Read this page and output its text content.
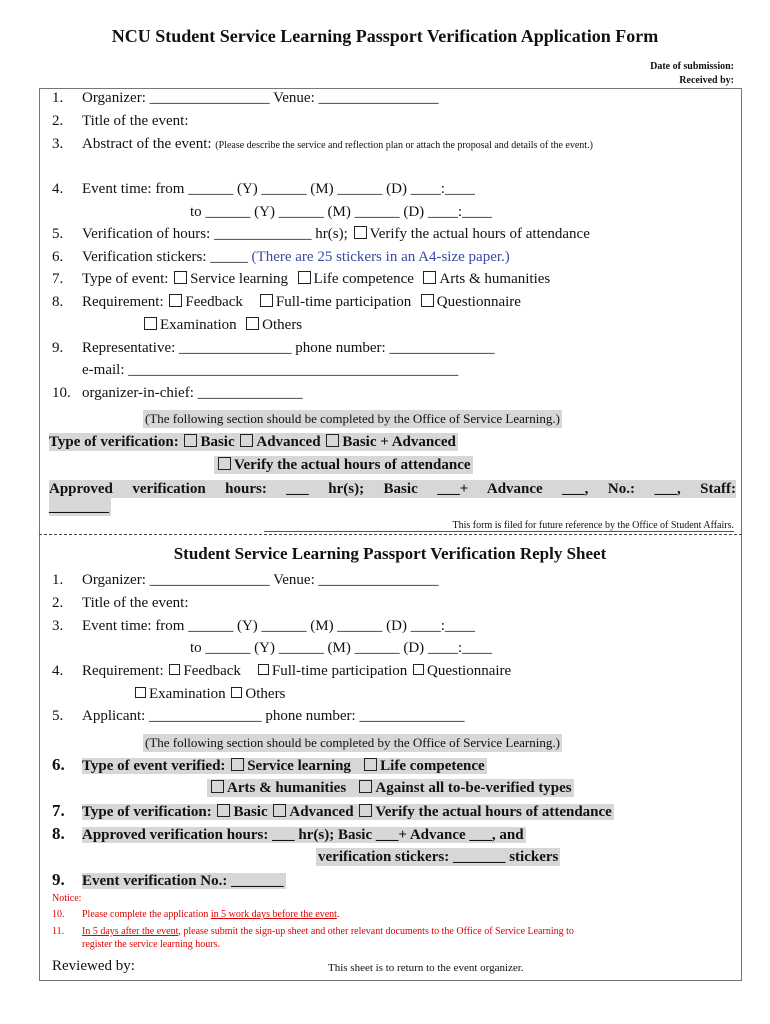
NCU Student Service Learning Passport Verification Application Form
Date of submission:
Received by:
1. Organizer: ________________ Venue: ________________
2. Title of the event:
3. Abstract of the event: (Please describe the service and reflection plan or attach the proposal and details of the event.)
4. Event time: from ______ (Y) ______ (M) ______ (D) ____:____
to ______ (Y) ______ (M) ______ (D) ____:____
5. Verification of hours: _____________ hr(s); Verify the actual hours of attendance
6. Verification stickers: _____ (There are 25 stickers in an A4-size paper.)
7. Type of event: Service learning Life competence Arts & humanities
8. Requirement: Feedback Full-time participation Questionnaire
Examination Others
9. Representative: _______________ phone number: ______________
e-mail: ____________________________________________
10. organizer-in-chief: ______________
(The following section should be completed by the Office of Service Learning.)
Type of verification: Basic Advanced Basic + Advanced
Verify the actual hours of attendance
Approved verification hours: ___ hr(s); Basic ___+ Advance ___, No.: ___, Staff:
________
This form is filed for future reference by the Office of Student Affairs.
Student Service Learning Passport Verification Reply Sheet
1. Organizer: ________________ Venue: ________________
2. Title of the event:
3. Event time: from ______ (Y) ______ (M) ______ (D) ____:____
to ______ (Y) ______ (M) ______ (D) ____:____
4. Requirement: Feedback Full-time participation Questionnaire
Examination Others
5. Applicant: _______________ phone number: ______________
(The following section should be completed by the Office of Service Learning.)
6. Type of event verified: Service learning Life competence
Arts & humanities Against all to-be-verified types
7. Type of verification: Basic Advanced Verify the actual hours of attendance
8. Approved verification hours: ___ hr(s); Basic ___+ Advance ___, and
verification stickers: _______ stickers
9. Event verification No.: _______
Notice:
10. Please complete the application in 5 work days before the event.
11. In 5 days after the event, please submit the sign-up sheet and other relevant documents to the Office of Service Learning to
register the service learning hours.
Reviewed by:	This sheet is to return to the event organizer.
